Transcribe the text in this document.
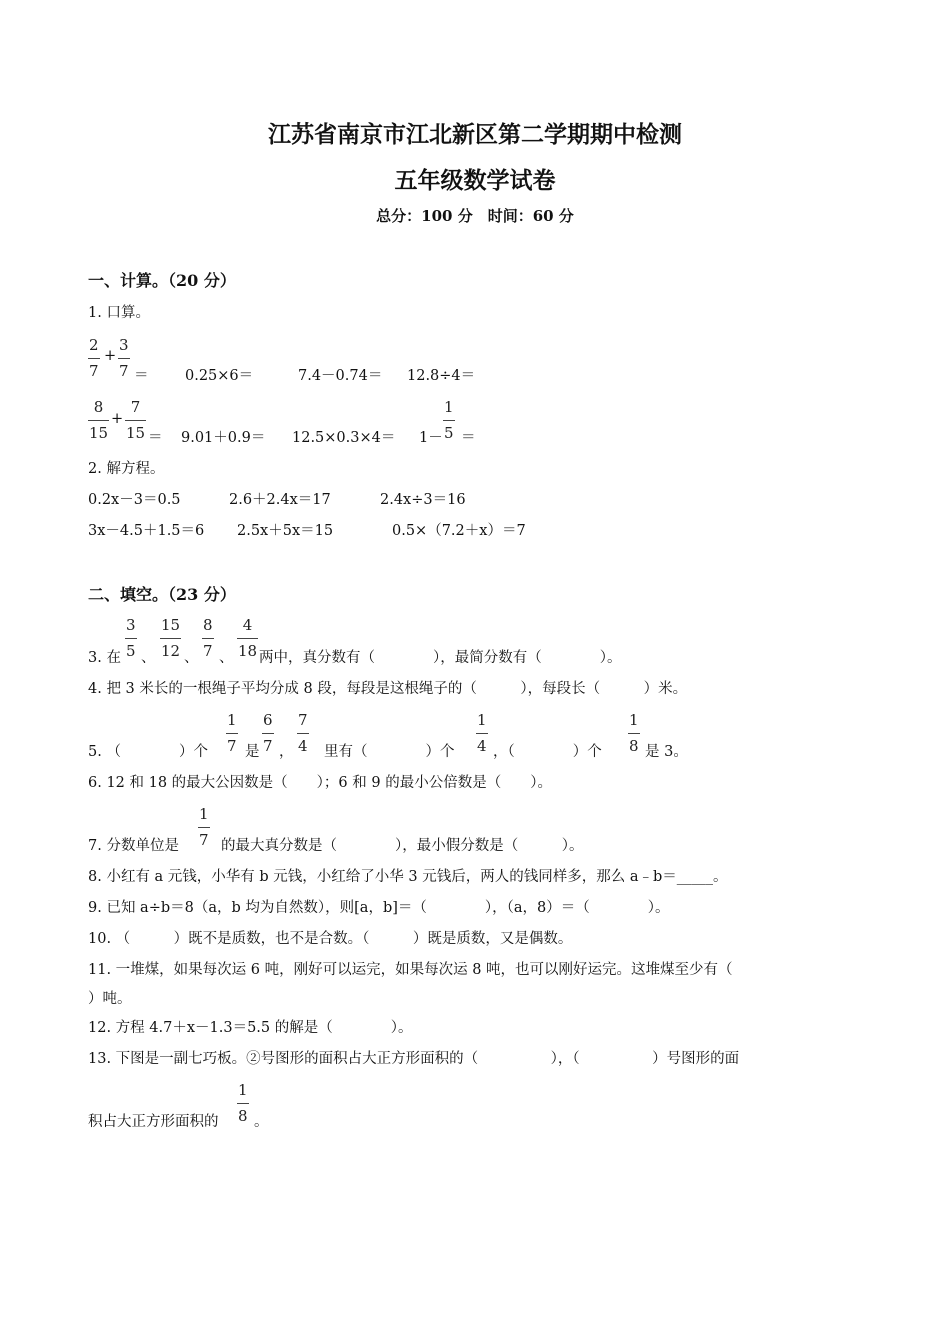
江苏省南京市江北新区第二学期期中检测
五年级数学试卷
总分：100 分　时间：60 分
一、计算。（20 分）
1. 口算。
2
7
+
3
7 ＝	0.25×6＝	7.4－0.74＝ 12.8÷4＝
8
15
+
7
15 ＝ 9.01＋0.9＝ 12.5×0.3×4＝ 1－
1
5 ＝
2. 解方程。
0.2x－3＝0.5	2.6＋2.4x＝17	2.4x÷3＝16
3x－4.5＋1.5＝6 2.5x＋5x＝15	0.5×（7.2＋x）＝7
二、填空。（23 分）
3. 在
3
5 、
15
12 、
8
7 、
4
18 两中，真分数有（　　　　），最简分数有（　　　　）。
4. 把 3 米长的一根绳子平均分成 8 段，每段是这根绳子的（　　　），每段长（　　　）米。
5. （　　　　）个
1
7 是
6
7 ，
7
4 里有（　　　　）个
1
4 ，（　　　　）个
1
8 是 3。
6. 12 和 18 的最大公因数是（　　）；6 和 9 的最小公倍数是（　　）。
7. 分数单位是
1
7 的最大真分数是（　　　　），最小假分数是（　　　）。
8. 小红有 a 元钱，小华有 b 元钱，小红给了小华 3 元钱后，两人的钱同样多，那么 a﹣b＝_____。
9. 已知 a÷b＝8（a，b 均为自然数），则[a，b]＝（　　　　），（a，8）＝（　　　　）。
10. （　　　）既不是质数，也不是合数。（　　　）既是质数，又是偶数。
11. 一堆煤，如果每次运 6 吨，刚好可以运完，如果每次运 8 吨，也可以刚好运完。这堆煤至少有（
）吨。
12. 方程 4.7＋x－1.3＝5.5 的解是（　　　　）。
13. 下图是一副七巧板。②号图形的面积占大正方形面积的（　　　　　），（　　　　　）号图形的面
积占大正方形面积的
1
8 。
